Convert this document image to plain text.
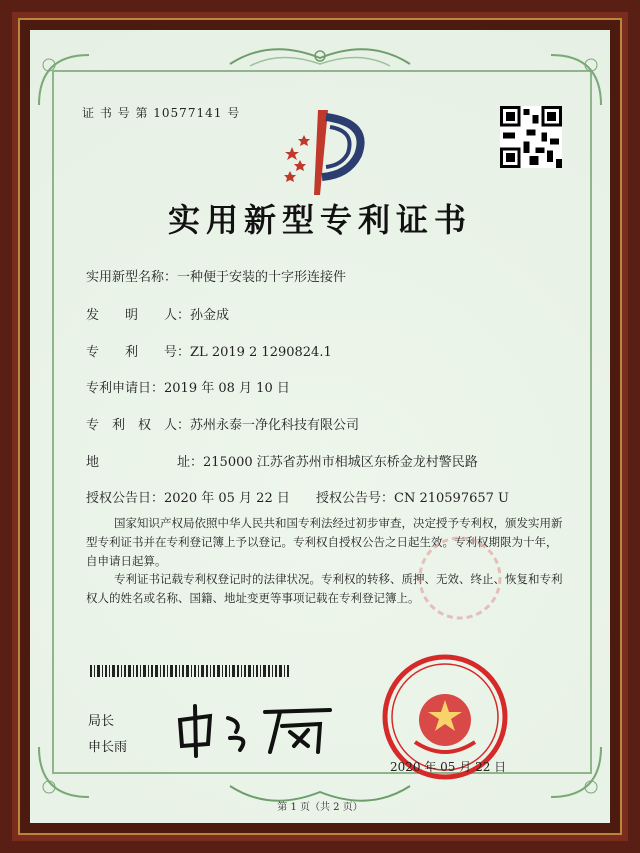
证 书 号 第 10577141 号
实用新型专利证书
实用新型名称：一种便于安装的十字形连接件
发　　明　　人：孙金成
专　　利　　号：ZL 2019 2 1290824.1
专利申请日：2019 年 08 月 10 日
专　利　权　人：苏州永泰一净化科技有限公司
地　　　　　　址：215000 江苏省苏州市相城区东桥金龙村警民路
授权公告日：2020 年 05 月 22 日 授权公告号：CN 210597657 U
国家知识产权局依照中华人民共和国专利法经过初步审查，决定授予专利权，颁发实用新型专利证书并在专利登记簿上予以登记。专利权自授权公告之日起生效。专利权期限为十年，自申请日起算。
专利证书记载专利权登记时的法律状况。专利权的转移、质押、无效、终止、恢复和专利权人的姓名或名称、国籍、地址变更等事项记载在专利登记簿上。
局长
申长雨
2020 年 05 月 22 日
第 1 页（共 2 页）
